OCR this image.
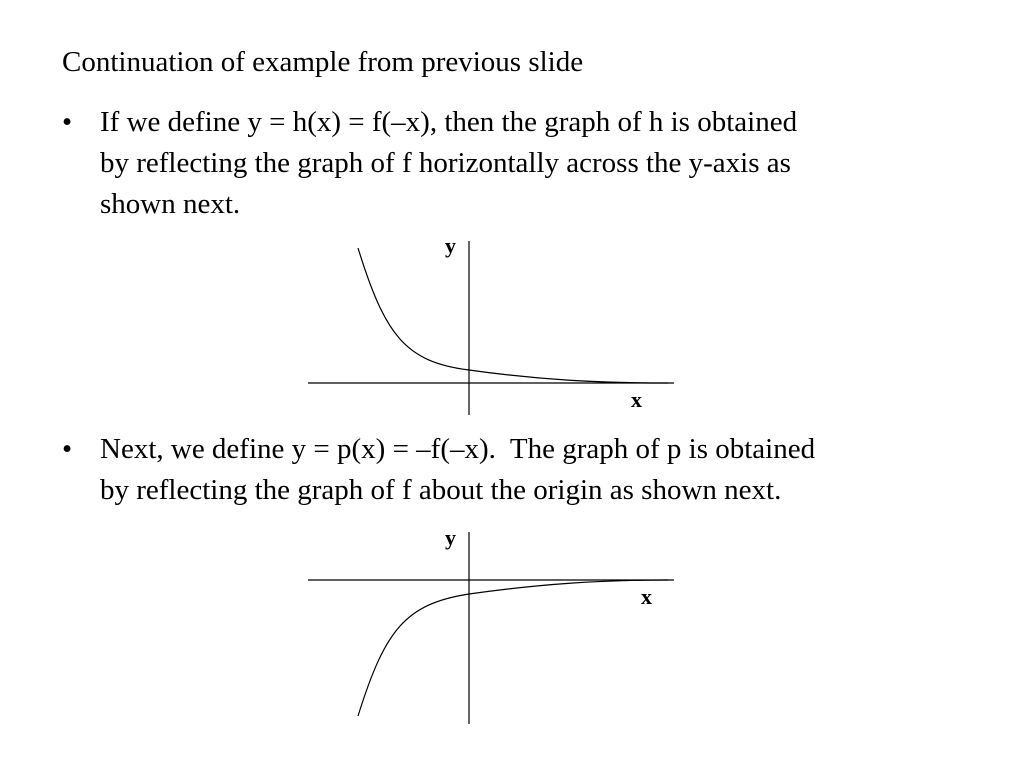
Continuation of example from previous slide
• If we define y = h(x) = f(–x), then the graph of h is obtained
by reflecting the graph of f horizontally across the y-axis as
shown next.
y
x
• Next, we define y = p(x) = –f(–x).  The graph of p is obtained
by reflecting the graph of f about the origin as shown next.
y
x
